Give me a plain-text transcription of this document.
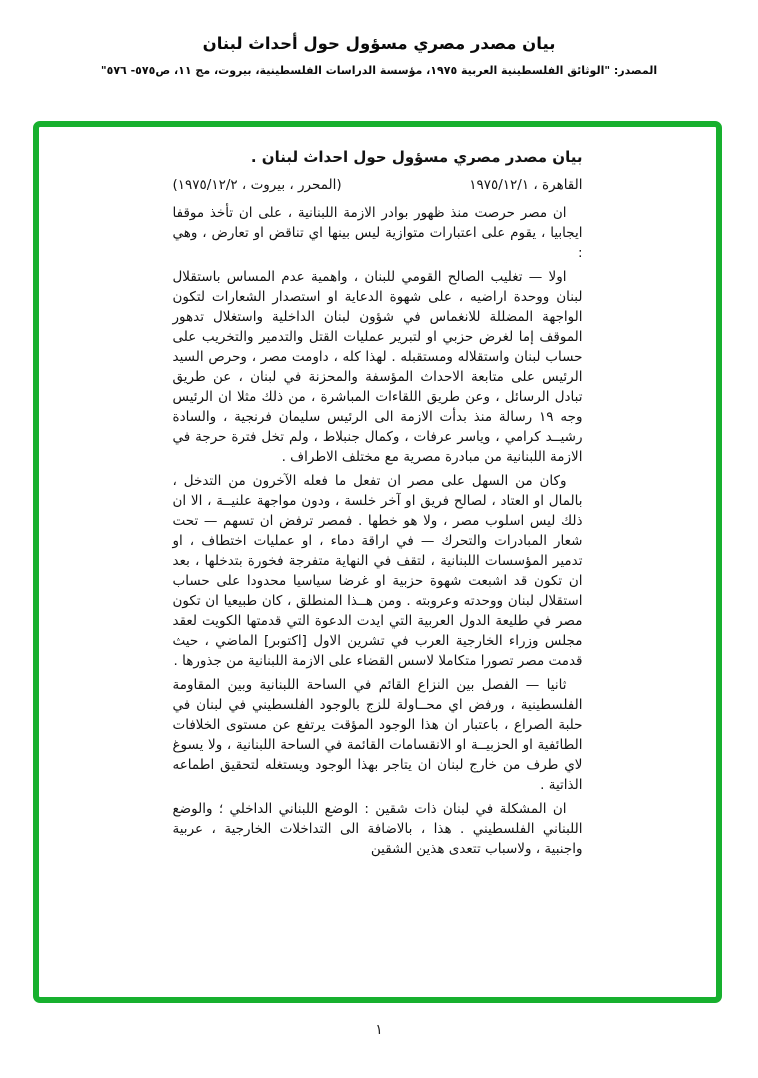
بيان مصدر مصري مسؤول حول أحداث لبنان
المصدر: "الوثائق الفلسطينية العربية ١٩٧٥، مؤسسة الدراسات الفلسطينية، بيروت، مج ١١، ص٥٧٥- ٥٧٦"
بيان مصدر مصري مسؤول حول احداث لبنان .
القاهرة ، ١٩٧٥/١٢/١
(المحرر ، بيروت ، ١٩٧٥/١٢/٢)

ان مصر حرصت منذ ظهور بوادر الازمة اللبنانية ، على ان تأخذ موقفا ايجابيا ، يقوم على اعتبارات متوازية ليس بينها اي تناقض او تعارض ، وهي :

اولا — تغليب الصالح القومي للبنان ، واهمية عدم المساس باستقلال لبنان ووحدة اراضيه ، على شهوة الدعاية او استصدار الشعارات لتكون الواجهة المضللة للانغماس في شؤون لبنان الداخلية واستغلال تدهور الموقف إما لغرض حزبي او لتبرير عمليات القتل والتدمير والتخريب على حساب لبنان واستقلاله ومستقبله . لهذا كله ، داومت مصر ، وحرص السيد الرئيس على متابعة الاحداث المؤسفة والمحزنة في لبنان ، عن طريق تبادل الرسائل ، وعن طريق اللقاءات المباشرة ، من ذلك مثلا ان الرئيس وجه ١٩ رسالة منذ بدأت الازمة الى الرئيس سليمان فرنجية ، والسادة رشيــد كرامي ، وياسر عرفات ، وكمال جنبلاط ، ولم تخل فترة حرجة في الازمة اللبنانية من مبادرة مصرية مع مختلف الاطراف .

وكان من السهل على مصر ان تفعل ما فعله الآخرون من التدخل ، بالمال او العتاد ، لصالح فريق او آخر خلسة ، ودون مواجهة علنيــة ، الا ان ذلك ليس اسلوب مصر ، ولا هو خطها . فمصر ترفض ان تسهم — تحت شعار المبادرات والتحرك — في اراقة دماء ، او عمليات اختطاف ، او تدمير المؤسسات اللبنانية ، لتقف في النهاية متفرجة فخورة بتدخلها ، بعد ان تكون قد اشبعت شهوة حزبية او غرضا سياسيا محدودا على حساب استقلال لبنان ووحدته وعروبته . ومن هــذا المنطلق ، كان طبيعيا ان تكون مصر في طليعة الدول العربية التي ايدت الدعوة التي قدمتها الكويت لعقد مجلس وزراء الخارجية العرب في تشرين الاول [اكتوبر] الماضي ، حيث قدمت مصر تصورا متكاملا لاسس القضاء على الازمة اللبنانية من جذورها .

ثانيا — الفصل بين النزاع القائم في الساحة اللبنانية وبين المقاومة الفلسطينية ، ورفض اي محــاولة للزج بالوجود الفلسطيني في لبنان في حلبة الصراع ، باعتبار ان هذا الوجود المؤقت يرتفع عن مستوى الخلافات الطائفية او الحزبيــة او الانقسامات القائمة في الساحة اللبنانية ، ولا يسوغ لاي طرف من خارج لبنان ان يتاجر بهذا الوجود ويستغله لتحقيق اطماعه الذاتية .

ان المشكلة في لبنان ذات شقين : الوضع اللبناني الداخلي ؛ والوضع اللبناني الفلسطيني . هذا ، بالاضافة الى التداخلات الخارجية ، عربية واجنبية ، ولاسباب تتعدى هذين الشقين

١
